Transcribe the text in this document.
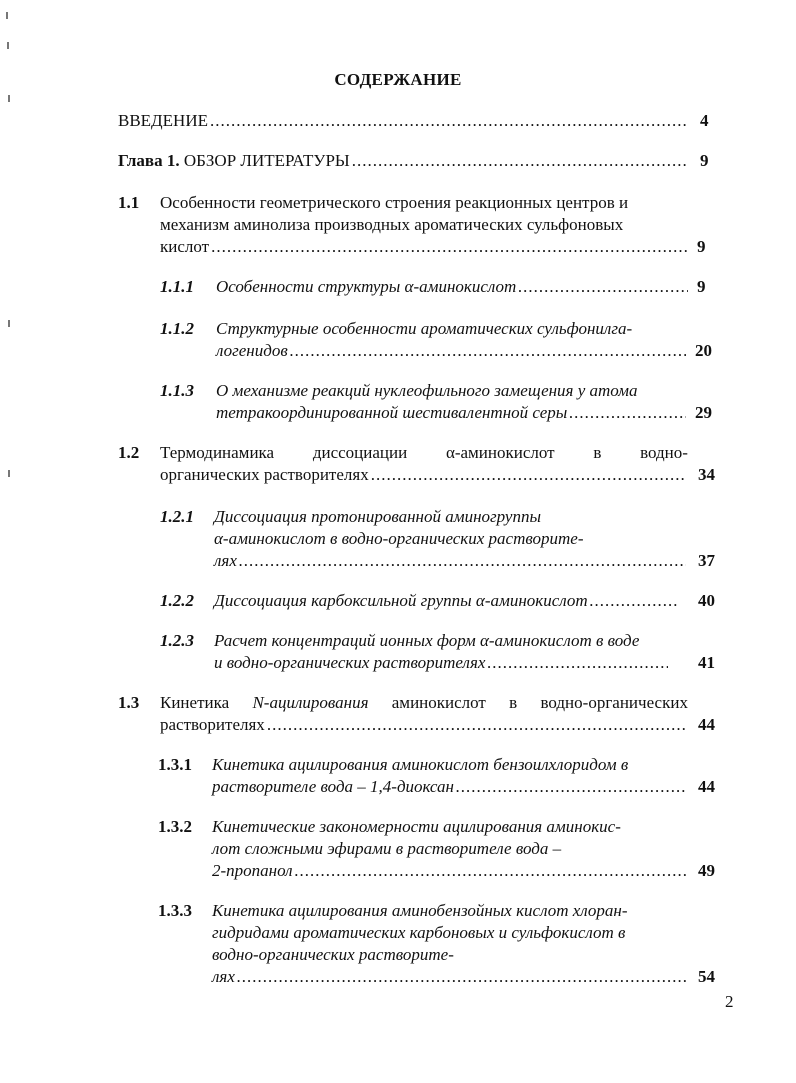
СОДЕРЖАНИЕ
ВВЕДЕНИЕ .....	4
Глава 1. ОБЗОР ЛИТЕРАТУРЫ .....	9
1.1 Особенности геометрического строения реакционных центров и
механизм аминолиза производных ароматических сульфоновых
кислот .....	9
1.1.1 Особенности структуры α-аминокислот .....	9
1.1.2 Структурные особенности ароматических сульфонилга-
логенидов .....	20
1.1.3 О механизме реакций нуклеофильного замещения у атома
тетракоординированной шестивалентной серы .....	29
1.2 Термодинамика диссоциации α-аминокислот в водно-
органических растворителях .....	34
1.2.1 Диссоциация протонированной аминогруппы
α-аминокислот в водно-органических растворите-
лях .....	37
1.2.2 Диссоциация карбоксильной группы α-аминокислот .....	40
1.2.3 Расчет концентраций ионных форм α-аминокислот в воде
и водно-органических растворителях .....	41
1.3 Кинетика N-ацилирования аминокислот в водно-органических
растворителях .....	44
1.3.1 Кинетика ацилирования аминокислот бензоилхлоридом в
растворителе вода – 1,4-диоксан .....	44
1.3.2 Кинетические закономерности ацилирования аминокис-
лот сложными эфирами в растворителе вода –
2-пропанол .....	49
1.3.3 Кинетика ацилирования аминобензойных кислот хлоран-
гидридами ароматических карбоновых и сульфокислот в
водно-органических растворите-
лях .....	54
2
